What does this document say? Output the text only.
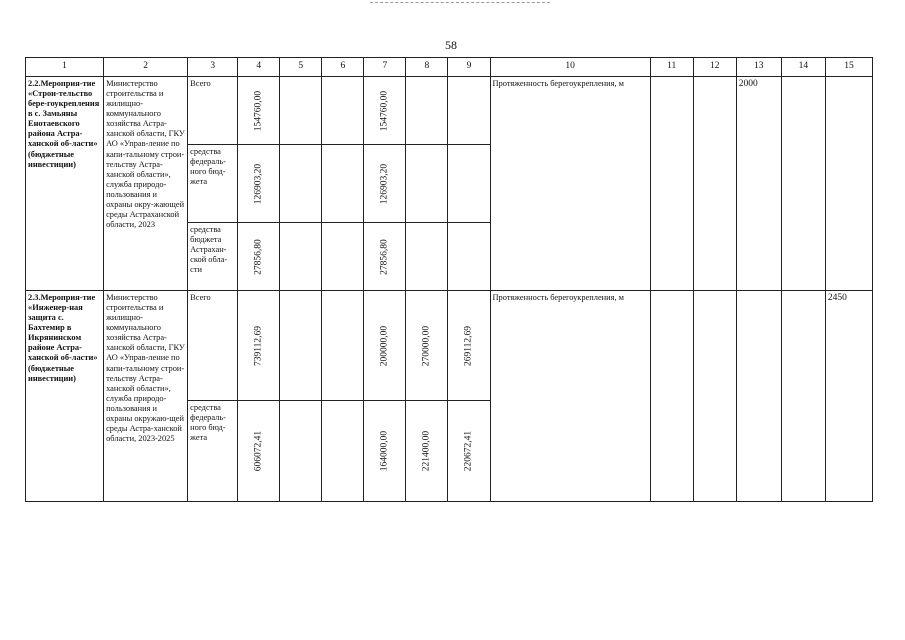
58
1	2	3	4	5	6	7	8	9	10	11	12	13	14	15
2.2.Мероприя-тие «Строи-тельство бере-гоукрепления в с. Замьяны Енотаевского района Астра-ханской об-ласти» (бюджетные инвестиции)	Министерство строительства и жилищно-коммунального хозяйства Астра-ханской области, ГКУ АО «Управ-ление по капи-тальному строи-тельству Астра-ханской области», служба природо-пользования и охраны окру-жающей среды Астраханской области, 2023	Всего	154760,00			154760,00			Протяженность берегоукрепления, м			2000		
		средства федераль-ного бюд-жета	126903,20			126903,20								

		средства бюджета Астрахан-ской обла-сти	27856,80			27856,80								

2.3.Мероприя-тие «Инженер-ная защита с. Бахтемир в Икрянинском районе Астра-ханской об-ласти» (бюджетные инвестиции)	Министерство строительства и жилищно-коммунального хозяйства Астра-ханской области, ГКУ АО «Управ-ление по капи-тальному строи-тельству Астра-ханской области», служба природо-пользования и охраны окружаю-щей среды Астра-ханской области, 2023-2025	Всего	739112,69			200000,00	270000,00	269112,69	Протяженность берегоукрепления, м					2450
		средства федераль-ного бюд-жета	606072,41			164000,00	221400,00	220672,41						
